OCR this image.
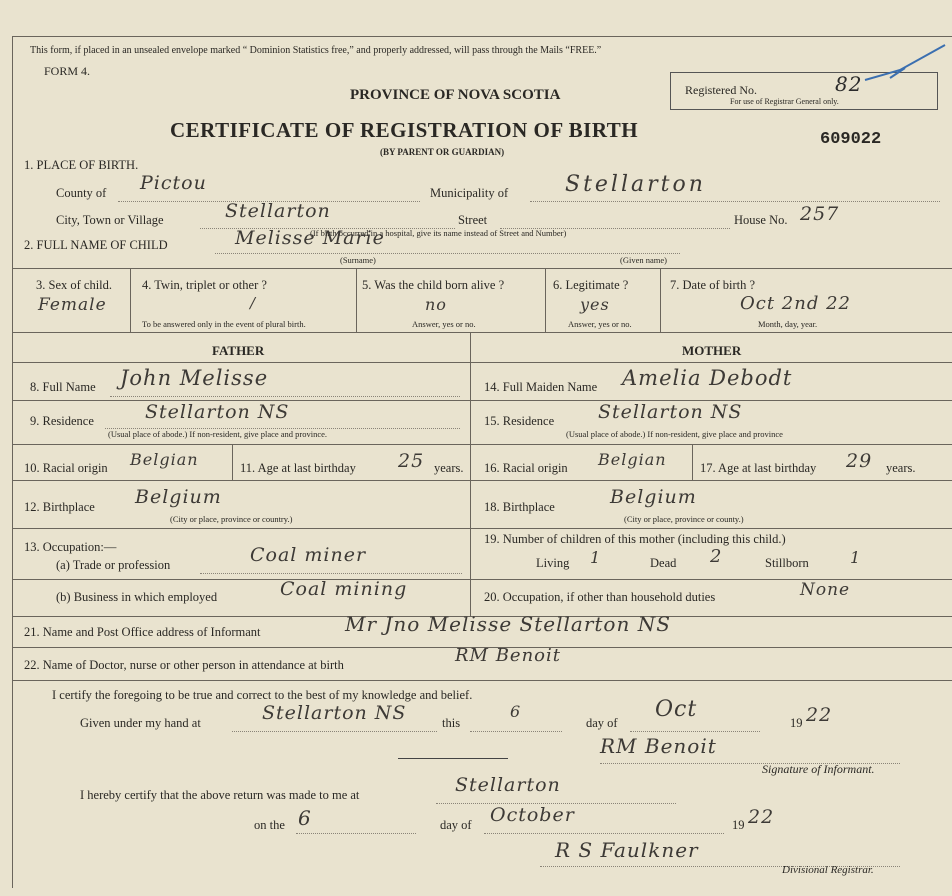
This form, if placed in an unsealed envelope marked “ Dominion Statistics free,” and properly addressed, will pass through the Mails “FREE.”
FORM 4.
PROVINCE OF NOVA SCOTIA
CERTIFICATE OF REGISTRATION OF BIRTH
(BY PARENT OR GUARDIAN)
Registered No.	82
For use of Registrar General only.
609022
1. PLACE OF BIRTH.
County of Pictou	Municipality of	Stellarton
City, Town or Village	Stellarton	Street	House No. 257
(If birth occurred in a hospital, give its name instead of Street and Number)
2. FULL NAME OF CHILD	Melisse Marie
(Surname)	(Given name)
3. Sex of child.
Female
4. Twin, triplet or other ?
/
To be answered only in the event of plural birth.
5. Was the child born alive ?
no
Answer, yes or no.
6. Legitimate ?
yes
Answer, yes or no.
7. Date of birth ?
Oct 2nd 22
Month, day, year.
FATHER	MOTHER
8. Full Name John Melisse
9. Residence	Stellarton NS
(Usual place of abode.) If non-resident, give place and province.
10. Racial origin Belgian	11. Age at last birthday 25 years.
12. Birthplace Belgium
(City or place, province or country.)
13. Occupation:—
(a) Trade or profession	Coal miner
(b) Business in which employed	Coal mining
14. Full Maiden Name Amelia Debodt
15. Residence Stellarton NS
(Usual place of abode.) If non-resident, give place and province
16. Racial origin Belgian	17. Age at last birthday 29 years.
18. Birthplace	Belgium
(City or place, province or county.)
19. Number of children of this mother (including this child.)
Living 1	Dead 2	Stillborn	1
20. Occupation, if other than household duties	None
21. Name and Post Office address of Informant	Mr Jno Melisse Stellarton NS
22. Name of Doctor, nurse or other person in attendance at birth	RM Benoit
I certify the foregoing to be true and correct to the best of my knowledge and belief.
Given under my hand at	Stellarton NS	this
6
day of
Oct
19 22
RM Benoit
Signature of Informant.
I hereby certify that the above return was made to me at	Stellarton
on the 6	day of October	19 22
R S Faulkner
Divisional Registrar.
